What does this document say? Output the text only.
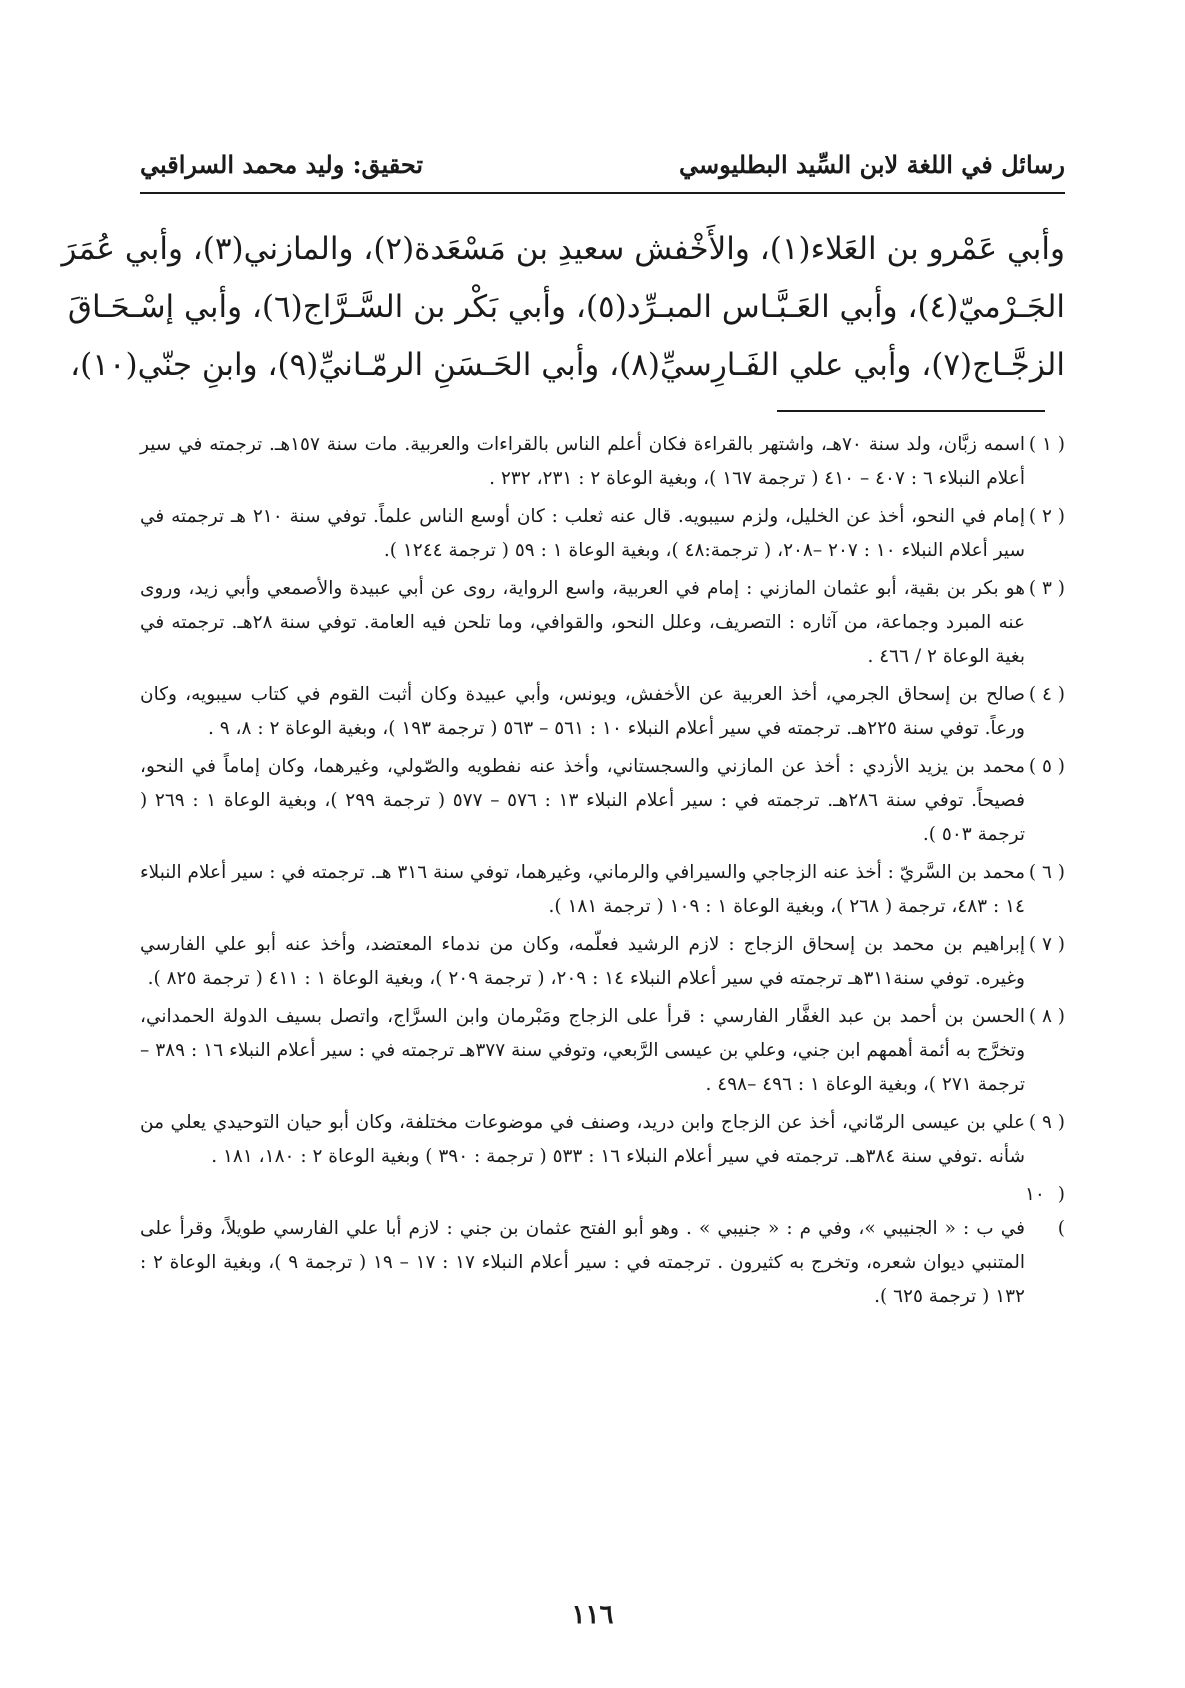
رسائل في اللغة لابن السِّيد البطليوسي
تحقيق: وليد محمد السراقبي
وأبي عَمْرو بن العَلاء(١)، والأَخْفش سعيدِ بن مَسْعَدة(٢)، والمازني(٣)، وأبي عُمَرَ
الجَـرْميّ(٤)، وأبي العَـبَّـاس المبـرِّد(٥)، وأبي بَكْر بن السَّـرَّاج(٦)، وأبي إسْـحَـاقَ
الزجَّـاج(٧)، وأبي علي الفَـارِسيِّ(٨)، وأبي الحَـسَنِ الرمّـانيِّ(٩)، وابنِ جنّي(١٠)،

( ١ )اسمه زبَّان، ولد سنة ٧٠هـ، واشتهر بالقراءة فكان أعلم الناس بالقراءات والعربية. مات سنة ١٥٧هـ. ترجمته في سير أعلام النبلاء ٦ : ٤٠٧ – ٤١٠ ( ترجمة ١٦٧ )، وبغية الوعاة ٢ : ٢٣١، ٢٣٢ .

( ٢ )إمام في النحو، أخذ عن الخليل، ولزم سيبويه. قال عنه ثعلب : كان أوسع الناس علماً. توفي سنة ٢١٠ هـ ترجمته في سير أعلام النبلاء ١٠ : ٢٠٧ –٢٠٨، ( ترجمة:٤٨ )، وبغية الوعاة ١ : ٥٩ ( ترجمة ١٢٤٤ ).

( ٣ )هو بكر بن بقية، أبو عثمان المازني : إمام في العربية، واسع الرواية، روى عن أبي عبيدة والأصمعي وأبي زيد، وروى عنه المبرد وجماعة، من آثاره : التصريف، وعلل النحو، والقوافي، وما تلحن فيه العامة. توفي سنة ٢٨هـ. ترجمته في بغية الوعاة ٢ / ٤٦٦ .

( ٤ )صالح بن إسحاق الجرمي، أخذ العربية عن الأخفش، ويونس، وأبي عبيدة وكان أثبت القوم في كتاب سيبويه، وكان ورعاً. توفي سنة ٢٢٥هـ. ترجمته في سير أعلام النبلاء ١٠ : ٥٦١ – ٥٦٣ ( ترجمة ١٩٣ )، وبغية الوعاة ٢ : ٨، ٩ .

( ٥ )محمد بن يزيد الأزدي : أخذ عن المازني والسجستاني، وأخذ عنه نفطويه والصّولي، وغيرهما، وكان إماماً في النحو، فصيحاً. توفي سنة ٢٨٦هـ. ترجمته في : سير أعلام النبلاء ١٣ : ٥٧٦ – ٥٧٧ ( ترجمة ٢٩٩ )، وبغية الوعاة ١ : ٢٦٩ ( ترجمة ٥٠٣ ).

( ٦ )محمد بن السَّريّ : أخذ عنه الزجاجي والسيرافي والرماني، وغيرهما، توفي سنة ٣١٦ هـ. ترجمته في : سير أعلام النبلاء ١٤ : ٤٨٣، ترجمة ( ٢٦٨ )، وبغية الوعاة ١ : ١٠٩ ( ترجمة ١٨١ ).

( ٧ )إبراهيم بن محمد بن إسحاق الزجاج : لازم الرشيد فعلّمه، وكان من ندماء المعتضد، وأخذ عنه أبو علي الفارسي وغيره. توفي سنة٣١١هـ ترجمته في سير أعلام النبلاء ١٤ : ٢٠٩، ( ترجمة ٢٠٩ )، وبغية الوعاة ١ : ٤١١ ( ترجمة ٨٢٥ ).

( ٨ )الحسن بن أحمد بن عبد الغفَّار الفارسي : قرأ على الزجاج ومَبْرمان وابن السرَّاج، واتصل بسيف الدولة الحمداني، وتخرَّج به أئمة أهمهم ابن جني، وعلي بن عيسى الرَّبعي، وتوفي سنة ٣٧٧هـ ترجمته في : سير أعلام النبلاء ١٦ : ٣٨٩ – ترجمة ٢٧١ )، وبغية الوعاة ١ : ٤٩٦ –٤٩٨ .

( ٩ )علي بن عيسى الرمّاني، أخذ عن الزجاج وابن دريد، وصنف في موضوعات مختلفة، وكان أبو حيان التوحيدي يعلي من شأنه .توفي سنة ٣٨٤هـ. ترجمته في سير أعلام النبلاء ١٦ : ٥٣٣ ( ترجمة : ٣٩٠ ) وبغية الوعاة ٢ : ١٨٠، ١٨١ .

( ١٠ )في ب : « الجنيبي »، وفي م : « جنيبي » . وهو أبو الفتح عثمان بن جني : لازم أبا علي الفارسي طويلاً، وقرأ على المتنبي ديوان شعره، وتخرج به كثيرون . ترجمته في : سير أعلام النبلاء ١٧ : ١٧ – ١٩ ( ترجمة ٩ )، وبغية الوعاة ٢ : ١٣٢ ( ترجمة ٦٢٥ ).

١١٦
